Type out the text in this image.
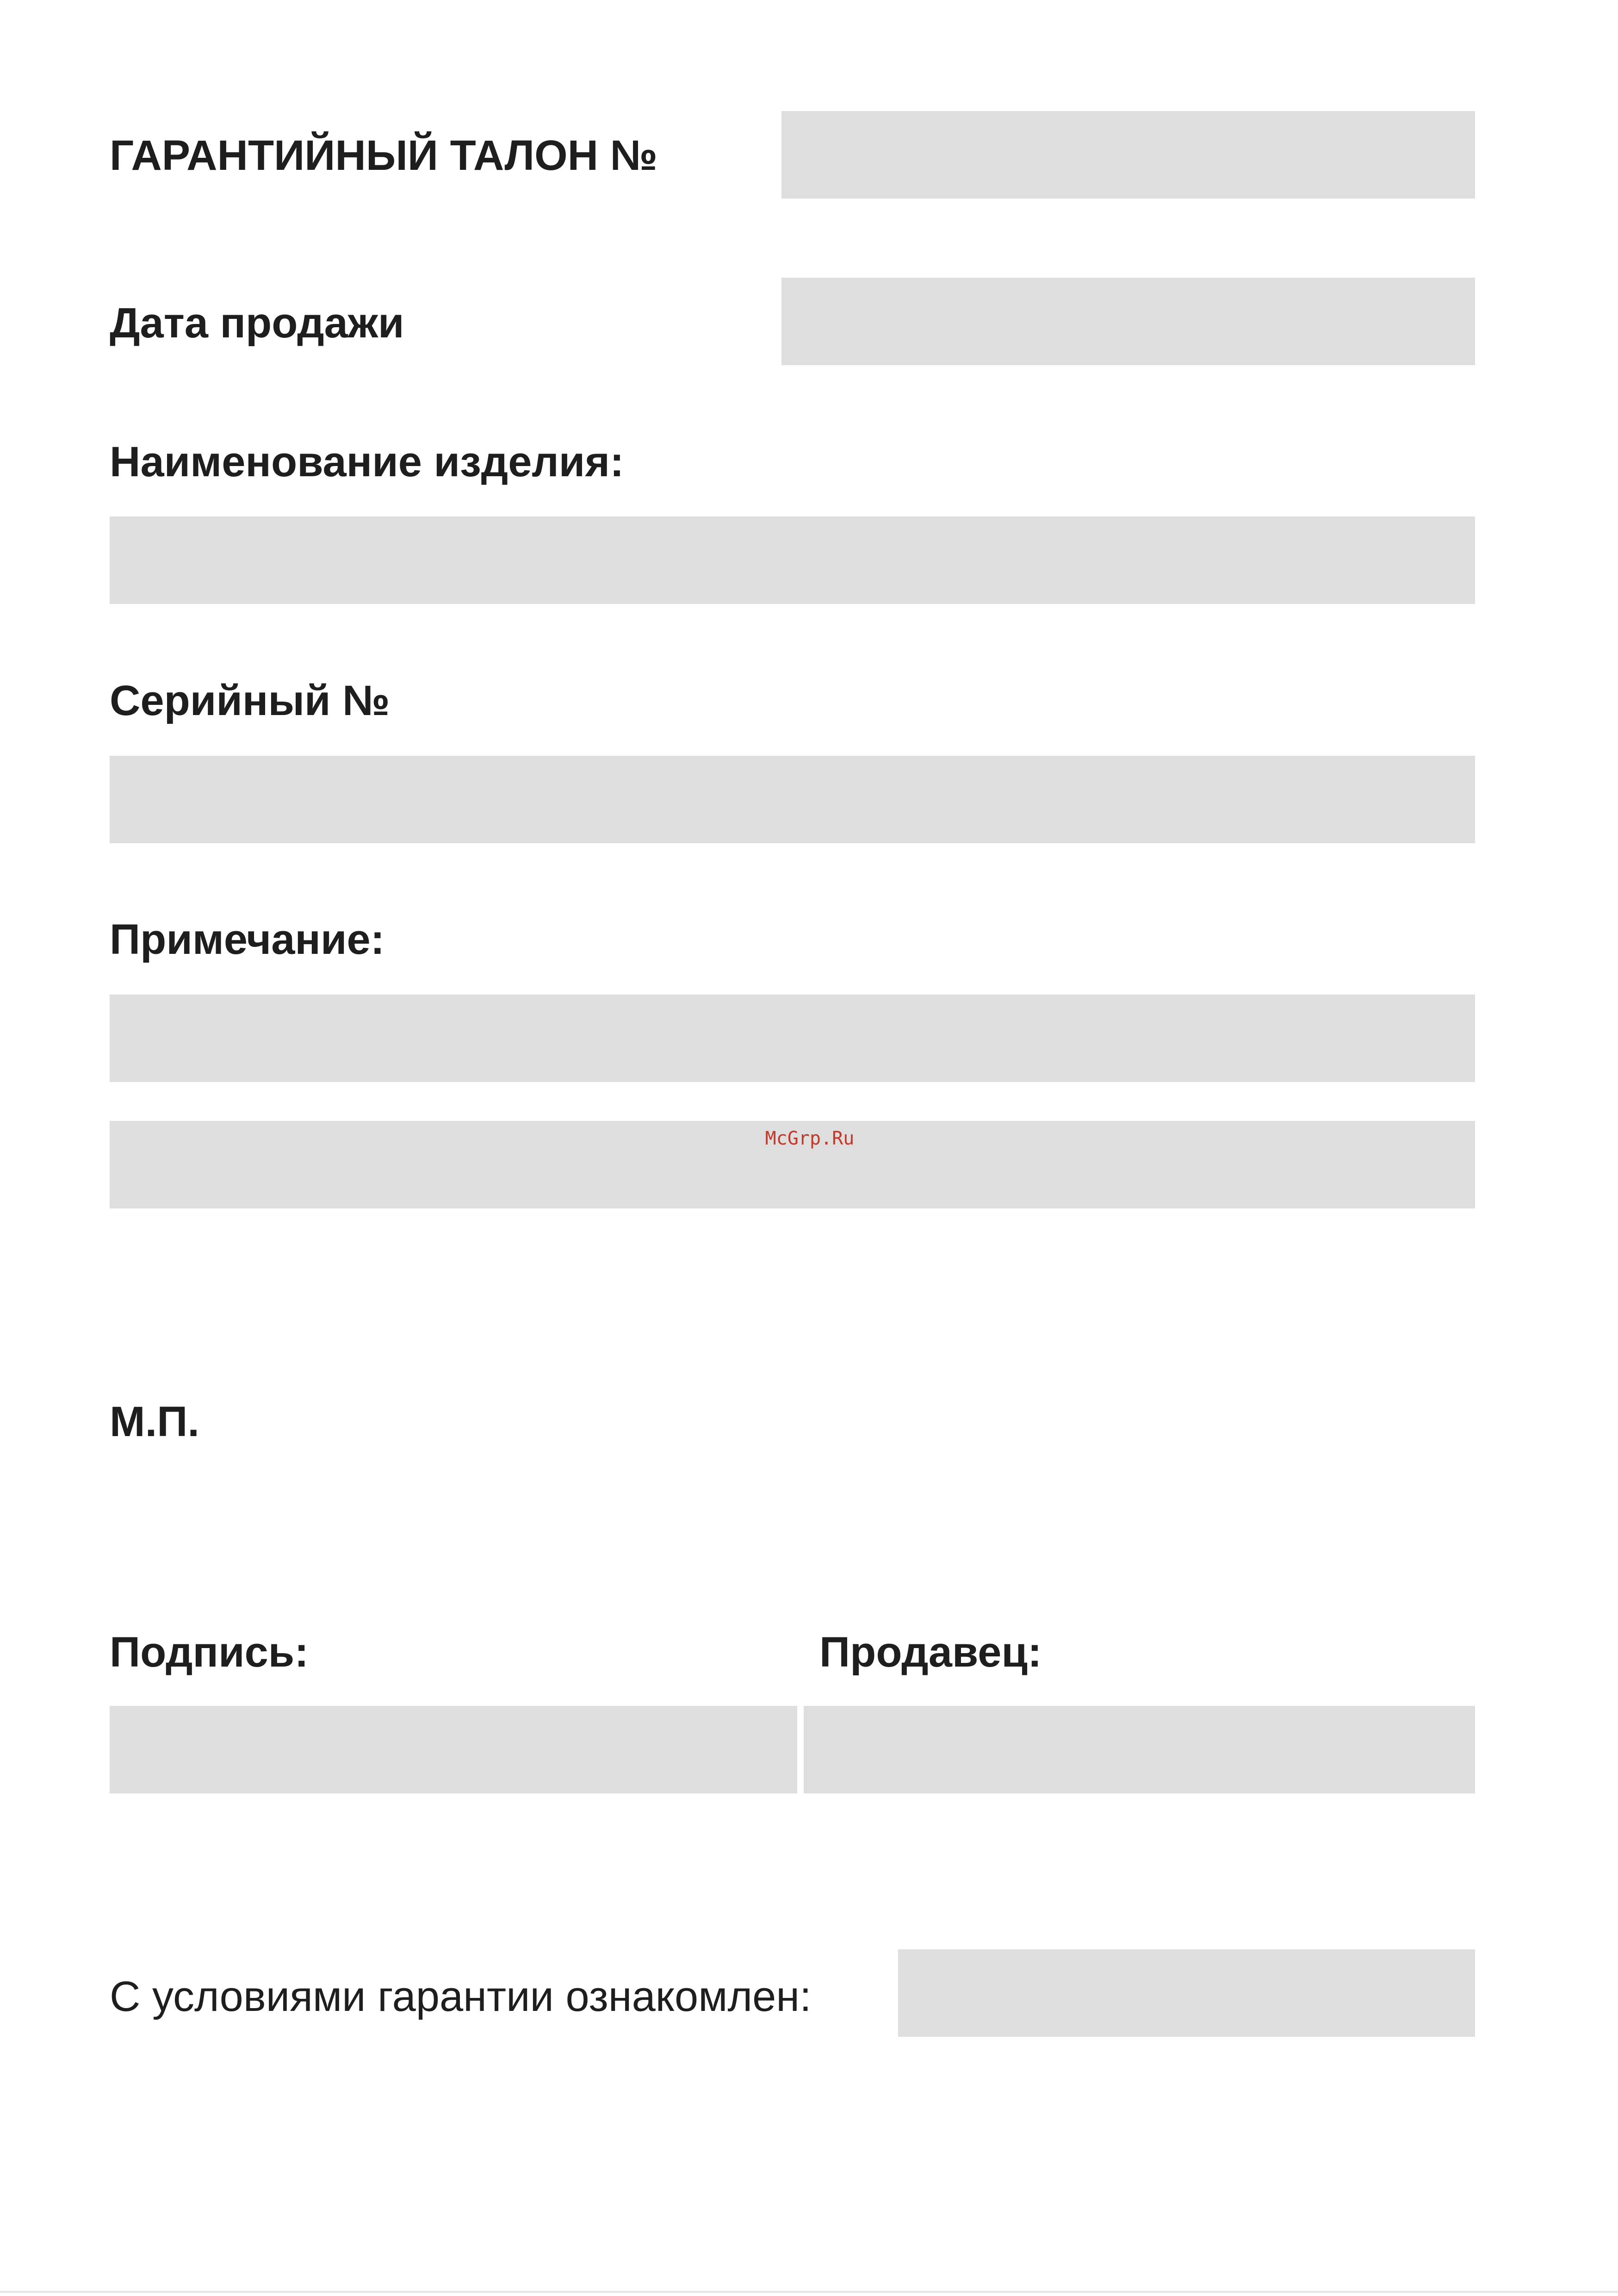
ГАРАНТИЙНЫЙ ТАЛОН №
Дата продажи
Наименование изделия:
Серийный №
Примечание:
McGrp.Ru
М.П.
Подпись:	Продавец:
С условиями гарантии ознакомлен:
